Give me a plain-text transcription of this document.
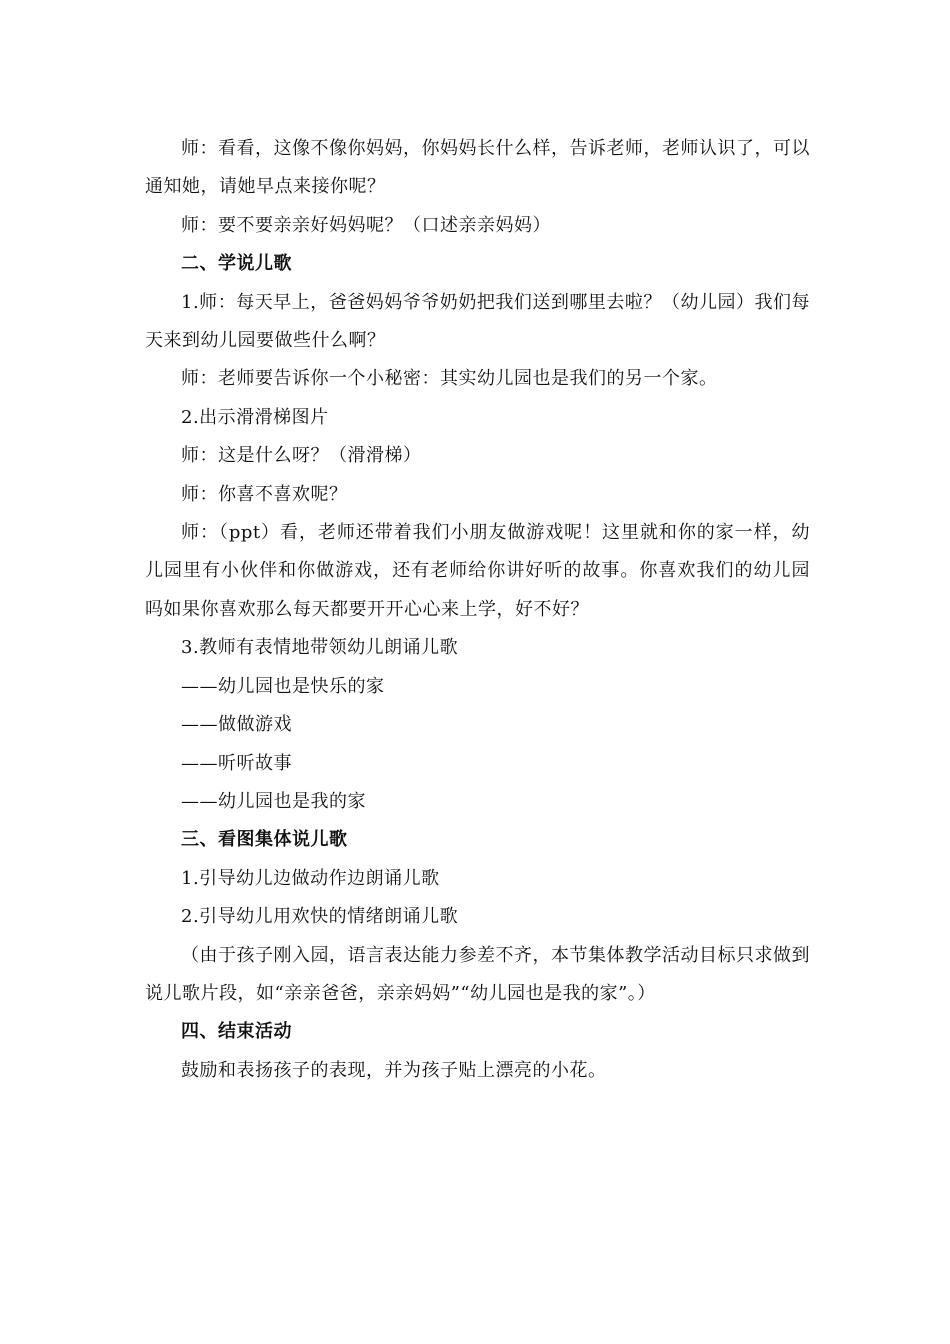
师：看看，这像不像你妈妈，你妈妈长什么样，告诉老师，老师认识了，可以通知她，请她早点来接你呢？

师：要不要亲亲好妈妈呢？（口述亲亲妈妈）

二、学说儿歌

1.师：每天早上，爸爸妈妈爷爷奶奶把我们送到哪里去啦？（幼儿园）我们每天来到幼儿园要做些什么啊？

师：老师要告诉你一个小秘密：其实幼儿园也是我们的另一个家。

2.出示滑滑梯图片

师：这是什么呀？（滑滑梯）

师：你喜不喜欢呢？

师：（ppt）看，老师还带着我们小朋友做游戏呢！这里就和你的家一样，幼儿园里有小伙伴和你做游戏，还有老师给你讲好听的故事。你喜欢我们的幼儿园吗如果你喜欢那么每天都要开开心心来上学，好不好？

3.教师有表情地带领幼儿朗诵儿歌

——幼儿园也是快乐的家

——做做游戏

——听听故事

——幼儿园也是我的家

三、看图集体说儿歌

1.引导幼儿边做动作边朗诵儿歌

2.引导幼儿用欢快的情绪朗诵儿歌

（由于孩子刚入园，语言表达能力参差不齐，本节集体教学活动目标只求做到说儿歌片段，如“亲亲爸爸，亲亲妈妈”“幼儿园也是我的家”。）

四、结束活动

鼓励和表扬孩子的表现，并为孩子贴上漂亮的小花。
